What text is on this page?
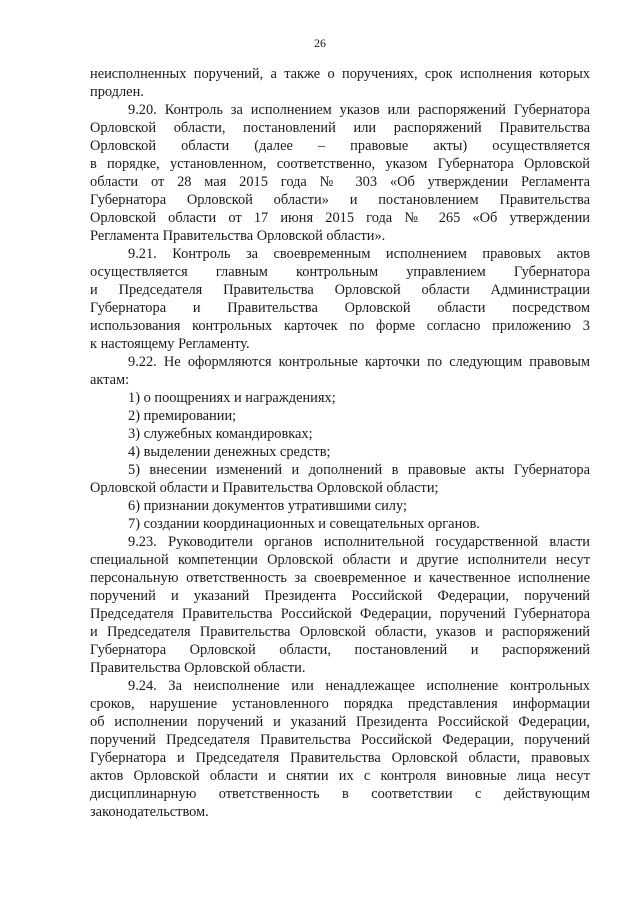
26
неисполненных поручений, а также о поручениях, срок исполнения которых
продлен.
9.20. Контроль за исполнением указов или распоряжений Губернатора
Орловской области, постановлений или распоряжений Правительства
Орловской области (далее – правовые акты) осуществляется
в порядке, установленном, соответственно, указом Губернатора Орловской
области от 28 мая 2015 года № 303 «Об утверждении Регламента
Губернатора Орловской области» и постановлением Правительства
Орловской области от 17 июня 2015 года № 265 «Об утверждении
Регламента Правительства Орловской области».
9.21. Контроль за своевременным исполнением правовых актов
осуществляется главным контрольным управлением Губернатора
и Председателя Правительства Орловской области Администрации
Губернатора и Правительства Орловской области посредством
использования контрольных карточек по форме согласно приложению 3
к настоящему Регламенту.
9.22. Не оформляются контрольные карточки по следующим правовым
актам:
1) о поощрениях и награждениях;
2) премировании;
3) служебных командировках;
4) выделении денежных средств;
5) внесении изменений и дополнений в правовые акты Губернатора
Орловской области и Правительства Орловской области;
6) признании документов утратившими силу;
7) создании координационных и совещательных органов.
9.23. Руководители органов исполнительной государственной власти
специальной компетенции Орловской области и другие исполнители несут
персональную ответственность за своевременное и качественное исполнение
поручений и указаний Президента Российской Федерации, поручений
Председателя Правительства Российской Федерации, поручений Губернатора
и Председателя Правительства Орловской области, указов и распоряжений
Губернатора Орловской области, постановлений и распоряжений
Правительства Орловской области.
9.24. За неисполнение или ненадлежащее исполнение контрольных
сроков, нарушение установленного порядка представления информации
об исполнении поручений и указаний Президента Российской Федерации,
поручений Председателя Правительства Российской Федерации, поручений
Губернатора и Председателя Правительства Орловской области, правовых
актов Орловской области и снятии их с контроля виновные лица несут
дисциплинарную ответственность в соответствии с действующим
законодательством.
